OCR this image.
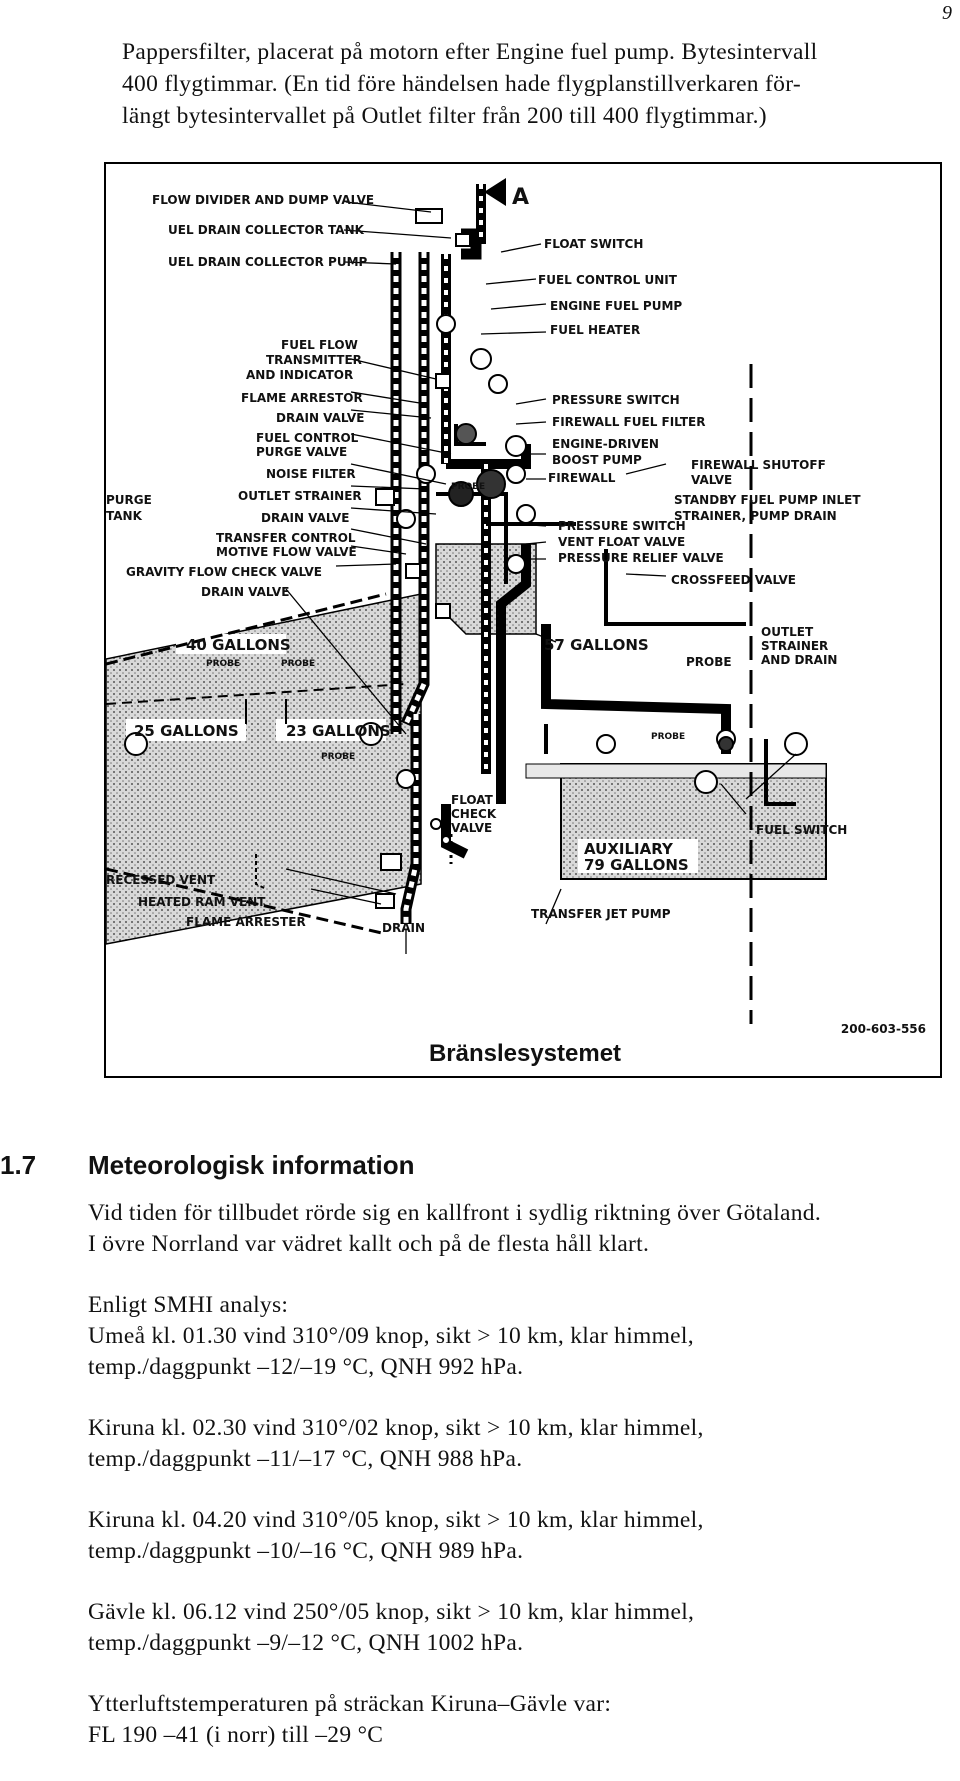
9

Pappersfilter, placerat på motorn efter Engine fuel pump. Bytesintervall

400 flygtimmar. (En tid före händelsen hade flygplanstillverkaren för-

längt bytesintervallet på Outlet filter från 200 till 400 flygtimmar.)

A
FLOW DIVIDER AND DUMP VALVE
UEL DRAIN COLLECTOR TANK
UEL DRAIN COLLECTOR PUMP
FUEL FLOW
TRANSMITTER
AND INDICATOR
FLAME ARRESTOR
DRAIN VALVE
FUEL CONTROL
PURGE VALVE
NOISE FILTER
OUTLET STRAINER
DRAIN VALVE
TRANSFER CONTROL
MOTIVE FLOW VALVE
GRAVITY FLOW CHECK VALVE
DRAIN VALVE
PURGE
TANK
FLOAT SWITCH
FUEL CONTROL UNIT
ENGINE FUEL PUMP
FUEL HEATER
PRESSURE SWITCH
FIREWALL FUEL FILTER
ENGINE-DRIVEN
BOOST PUMP
FIREWALL
PRESSURE SWITCH
VENT FLOAT VALVE
PRESSURE RELIEF VALVE
CROSSFEED VALVE
FIREWALL SHUTOFF
VALVE
STANDBY FUEL PUMP INLET
STRAINER, PUMP DRAIN
OUTLET
STRAINER
AND DRAIN
FUEL SWITCH
40 GALLONS	57 GALLONS
25 GALLONS	23 GALLONS
AUXILIARY
79 GALLONS
PROBE	PROBE
PROBE
PROBE
PROBE
PROBE
RECESSED VENT
HEATED RAM VENT
FLAME ARRESTER	DRAIN
TRANSFER JET PUMP
FLOAT
CHECK
VALVE
200-603-556
Bränslesystemet
1.7	Meteorologisk information

Vid tiden för tillbudet rörde sig en kallfront i sydlig riktning över Götaland.
I övre Norrland var vädret kallt och på de flesta håll klart.

Enligt SMHI analys:
Umeå kl. 01.30 vind 310°/09 knop, sikt > 10 km, klar himmel,
temp./daggpunkt –12/–19 °C, QNH 992 hPa.

Kiruna kl. 02.30 vind 310°/02 knop, sikt > 10 km, klar himmel,
temp./daggpunkt –11/–17 °C, QNH 988 hPa.

Kiruna kl. 04.20 vind 310°/05 knop, sikt > 10 km, klar himmel,
temp./daggpunkt –10/–16 °C, QNH 989 hPa.

Gävle kl. 06.12 vind 250°/05 knop, sikt > 10 km, klar himmel,
temp./daggpunkt –9/–12 °C, QNH 1002 hPa.

Ytterluftstemperaturen på sträckan Kiruna–Gävle var:
FL 190 –41 (i norr) till –29 °C
